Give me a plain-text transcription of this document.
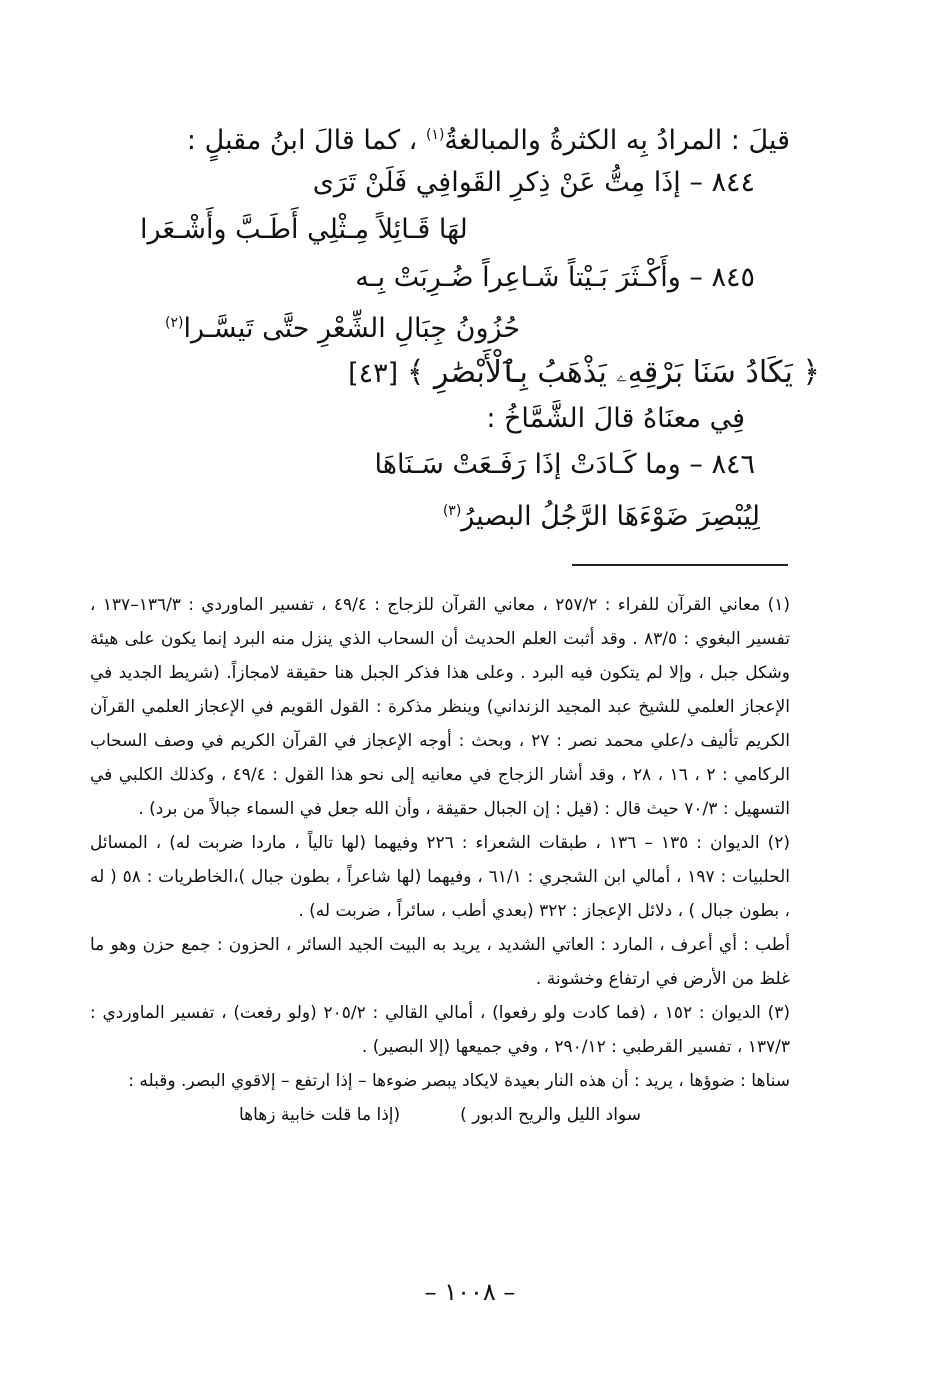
قيلَ : المرادُ بِه الكثرةُ والمبالغةُ$^{(١)}$ ، كما قالَ ابنُ مقبلٍ :
٨٤٤ – إذَا مِتُّ عَنْ ذِكرِ القَوافِي فَلَنْ تَرَى
لهَا قَـائِلاً مِـثْلِي أَطَـبَّ وأَشْـعَرا
٨٤٥ – وأَكْـثَرَ بَـيْتاً شَـاعِراً ضُـرِبَتْ بِـه
حُزُونُ جِبَالِ الشِّعْرِ حتَّى تَيسَّـرا$^{(٢)}$
﴿ يَكَادُ سَنَا بَرْقِهِۦ يَذْهَبُ بِٱلْأَبْصَٰرِ ﴾ [٤٣]
فِي معنَاهُ قالَ الشَّمَّاخُ :
٨٤٦ – وما كَـادَتْ إذَا رَفَـعَتْ سَـنَاهَا
لِيُبْصِرَ ضَوْءَهَا الرَّجُلُ البصيرُ$^{(٣)}$

(١) معاني القرآن للفراء : ٢٥٧/٢ ، معاني القرآن للزجاج : ٤٩/٤ ، تفسير الماوردي : ١٣٦/٣–١٣٧ ، تفسير البغوي : ٨٣/٥ . وقد أثبت العلم الحديث أن السحاب الذي ينزل منه البرد إنما يكون على هيئة وشكل جبل ، وإلا لم يتكون فيه البرد . وعلى هذا فذكر الجبل هنا حقيقة لامجازاً. (شريط الجديد في الإعجاز العلمي للشيخ عبد المجيد الزنداني) وينظر مذكرة : القول القويم في الإعجاز العلمي القرآن الكريم تأليف د/علي محمد نصر : ٢٧ ، وبحث : أوجه الإعجاز في القرآن الكريم في وصف السحاب الركامي : ٢ ، ١٦ ، ٢٨ ، وقد أشار الزجاج في معانيه إلى نحو هذا القول : ٤٩/٤ ، وكذلك الكلبي في التسهيل : ٧٠/٣ حيث قال : (قيل : إن الجبال حقيقة ، وأن الله جعل في السماء جبالاً من برد) .

(٢) الديوان : ١٣٥ – ١٣٦ ، طبقات الشعراء : ٢٢٦ وفيهما (لها تالياً ، ماردا ضربت له) ، المسائل الحلبيات : ١٩٧ ، أمالي ابن الشجري : ٦١/١ ، وفيهما (لها شاعراً ، بطون جبال )،الخاطريات : ٥٨ ( له ، بطون جبال ) ، دلائل الإعجاز : ٣٢٢ (بعدي أطب ، سائراً ، ضربت له) .

أطب : أي أعرف ، المارد : العاتي الشديد ، يريد به البيت الجيد السائر ، الحزون : جمع حزن وهو ما غلظ من الأرض في ارتفاع وخشونة .

(٣) الديوان : ١٥٢ ، (فما كادت ولو رفعوا) ، أمالي القالي : ٢٠٥/٢ (ولو رفعت) ، تفسير الماوردي : ١٣٧/٣ ، تفسير القرطبي : ٢٩٠/١٢ ، وفي جميعها (إلا البصير) .

سناها : ضوؤها ، يريد : أن هذه النار بعيدة لايكاد يبصر ضوءها – إذا ارتفع – إلاقوي البصر. وقبله :

(إذا ما قلت خابية زهاها	سواد الليل والريح الدبور )
– ١٠٠٨ –
